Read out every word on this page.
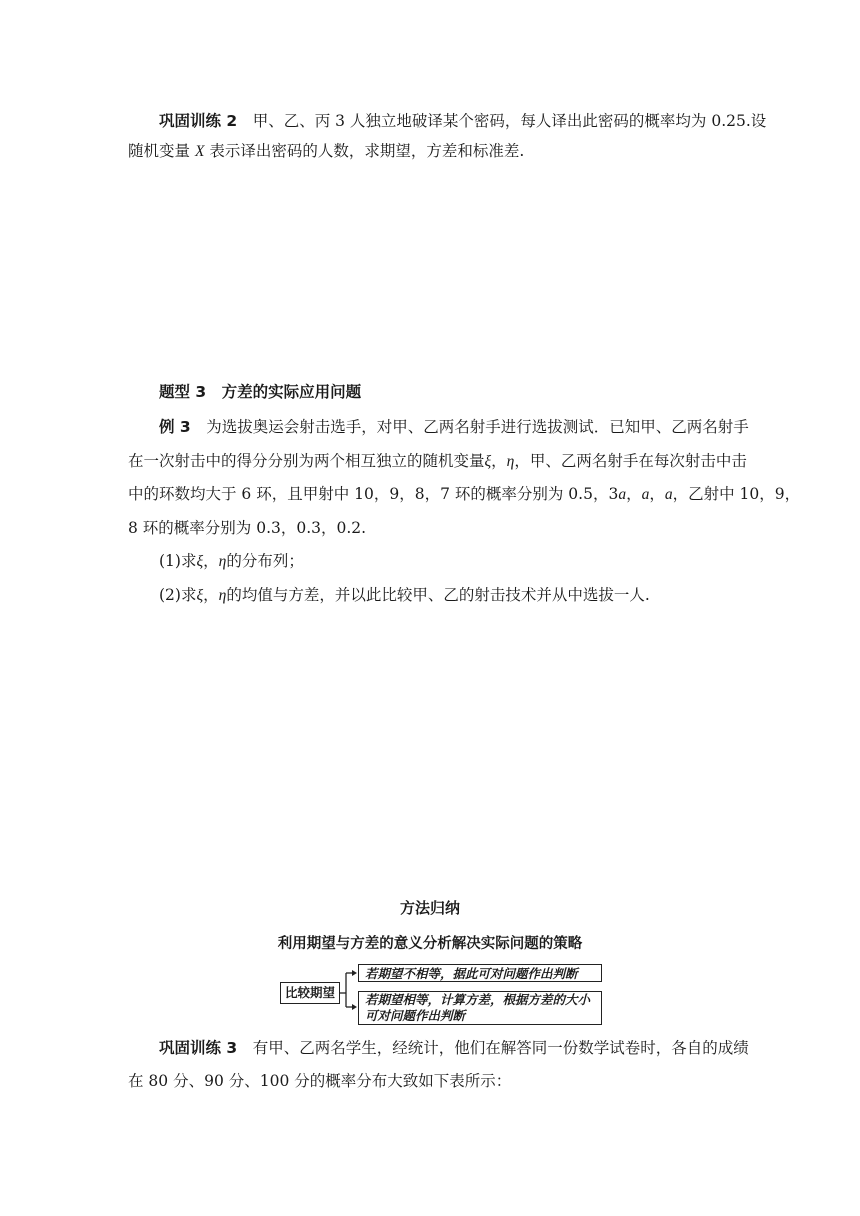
巩固训练 2　 甲、乙、丙 3 人独立地破译某个密码，每人译出此密码的概率均为 0.25.设
随机变量 X 表示译出密码的人数，求期望，方差和标准差.
题型 3　方差的实际应用问题
例 3　 为选拔奥运会射击选手，对甲、乙两名射手进行选拔测试．已知甲、乙两名射手
在一次射击中的得分分别为两个相互独立的随机变量ξ，η，甲、乙两名射手在每次射击中击
中的环数均大于 6 环，且甲射中 10，9，8，7 环的概率分别为 0.5，3a，a，a，乙射中 10，9，
8 环的概率分别为 0.3，0.3，0.2.
(1)求ξ，η的分布列；
(2)求ξ，η的均值与方差，并以此比较甲、乙的射击技术并从中选拔一人.
方法归纳
利用期望与方差的意义分析解决实际问题的策略
比较期望
若期望不相等，据此可对问题作出判断
若期望相等，计算方差，根据方差的大小
可对问题作出判断
巩固训练 3　 有甲、乙两名学生，经统计，他们在解答同一份数学试卷时，各自的成绩
在 80 分、90 分、100 分的概率分布大致如下表所示：
